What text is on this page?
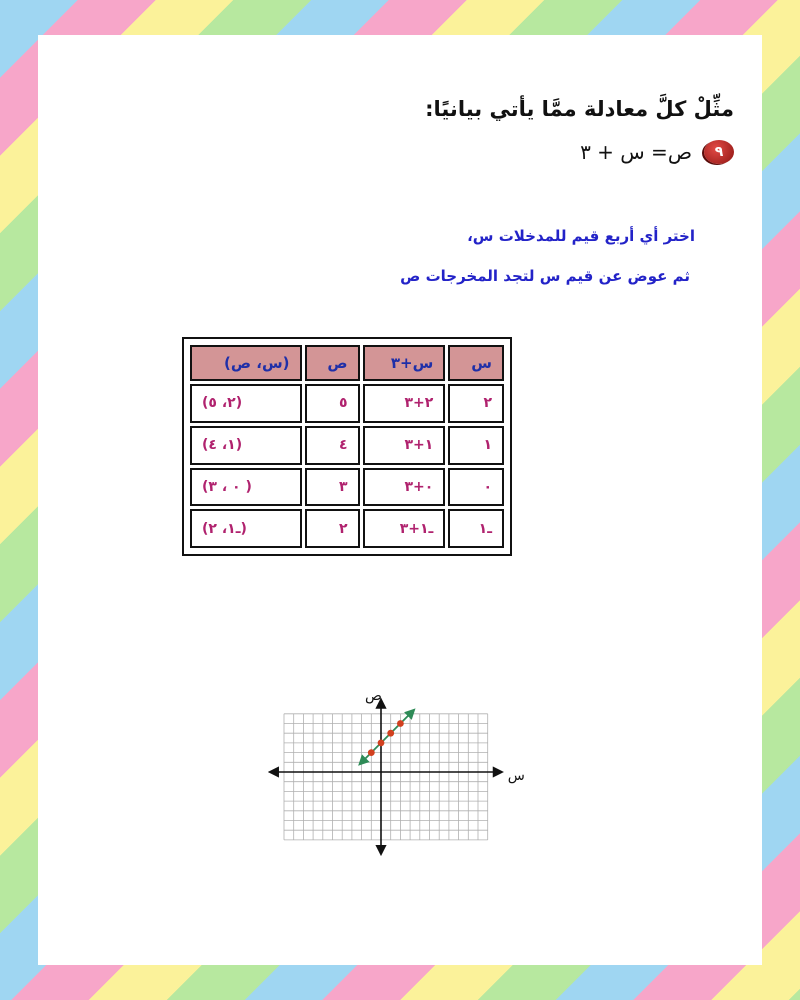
مثِّلْ كلَّ معادلة ممَّا يأتي بيانيًا:

٩
ص= س + ٣

اختر أي أربع قيم للمدخلات س،

ثم عوض عن قيم س لتجد المخرجات ص

س	س+٣	ص	(س، ص)
٢	٢+٣	٥	(٢، ٥)
١	١+٣	٤	(١، ٤)
٠	٠+٣	٣	( ٠ ، ٣)
ـ١	ـ١+٣	٢	(ـ١، ٢)
س
ص
